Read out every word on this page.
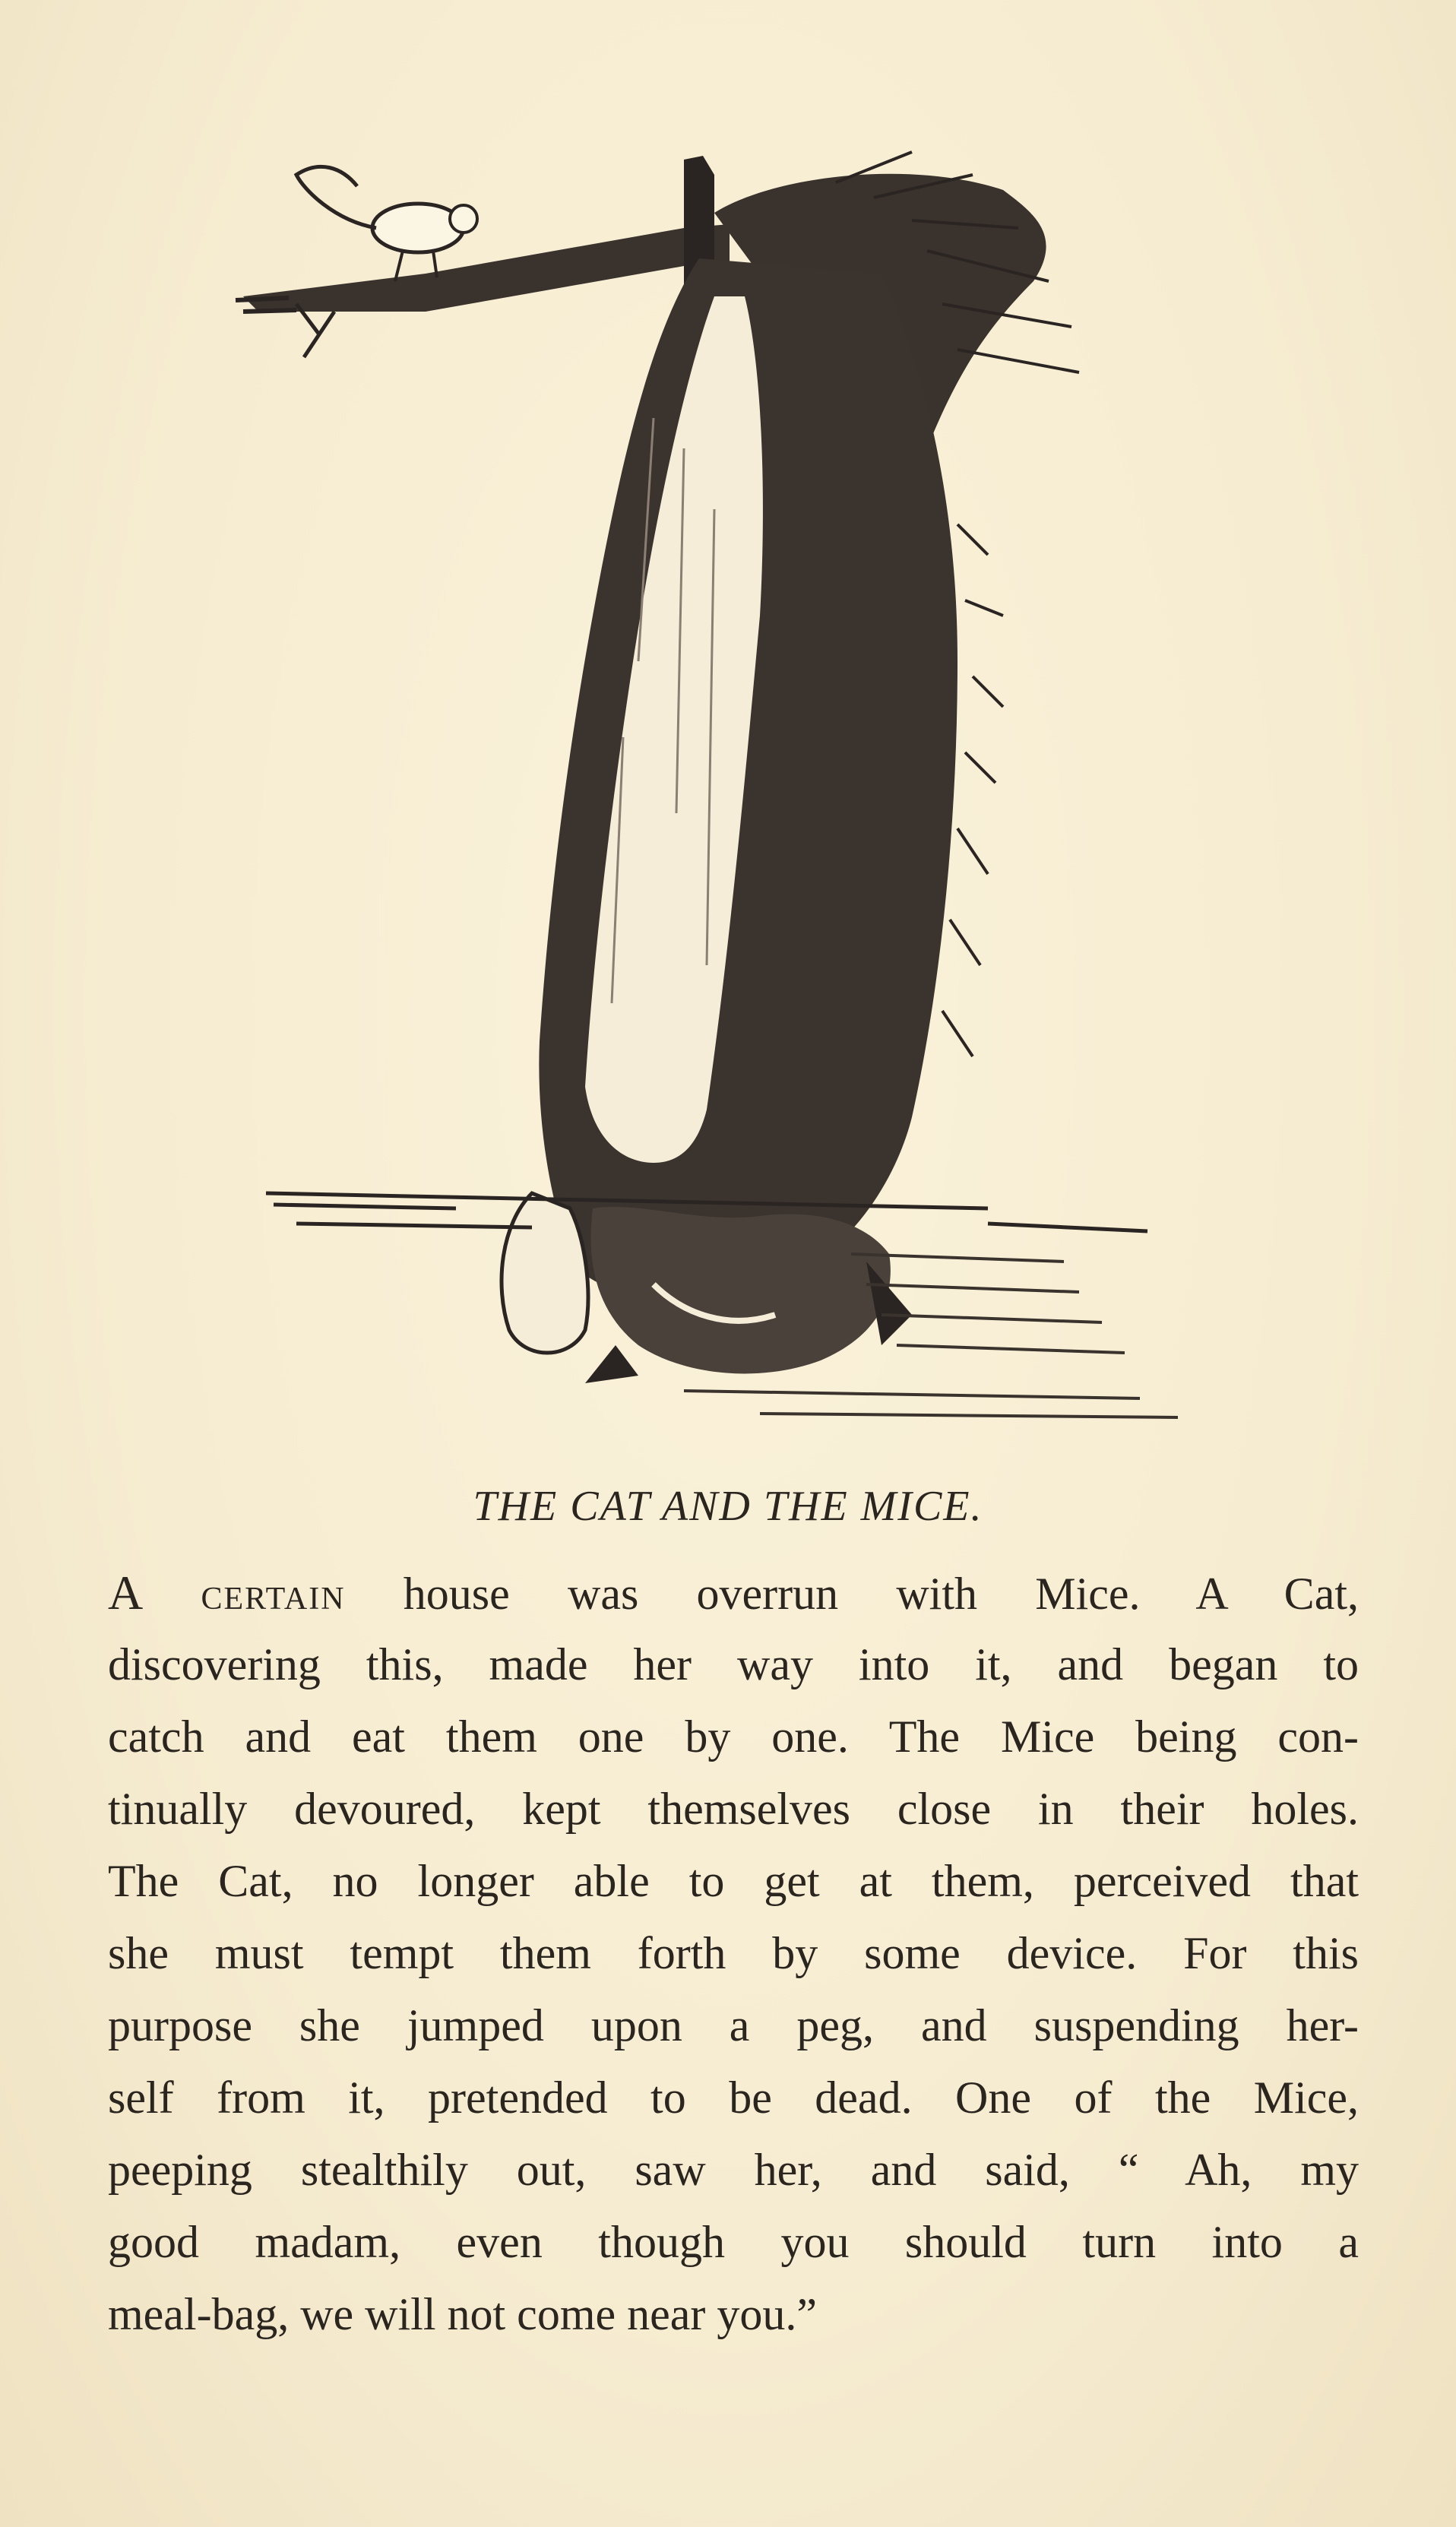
THE CAT AND THE MICE.
A certain house was overrun with Mice. A Cat,
discovering this, made her way into it, and began to
catch and eat them one by one. The Mice being con-
tinually devoured, kept themselves close in their holes.
The Cat, no longer able to get at them, perceived that
she must tempt them forth by some device. For this
purpose she jumped upon a peg, and suspending her-
self from it, pretended to be dead. One of the Mice,
peeping stealthily out, saw her, and said, “ Ah, my
good madam, even though you should turn into a
meal-bag, we will not come near you.”
